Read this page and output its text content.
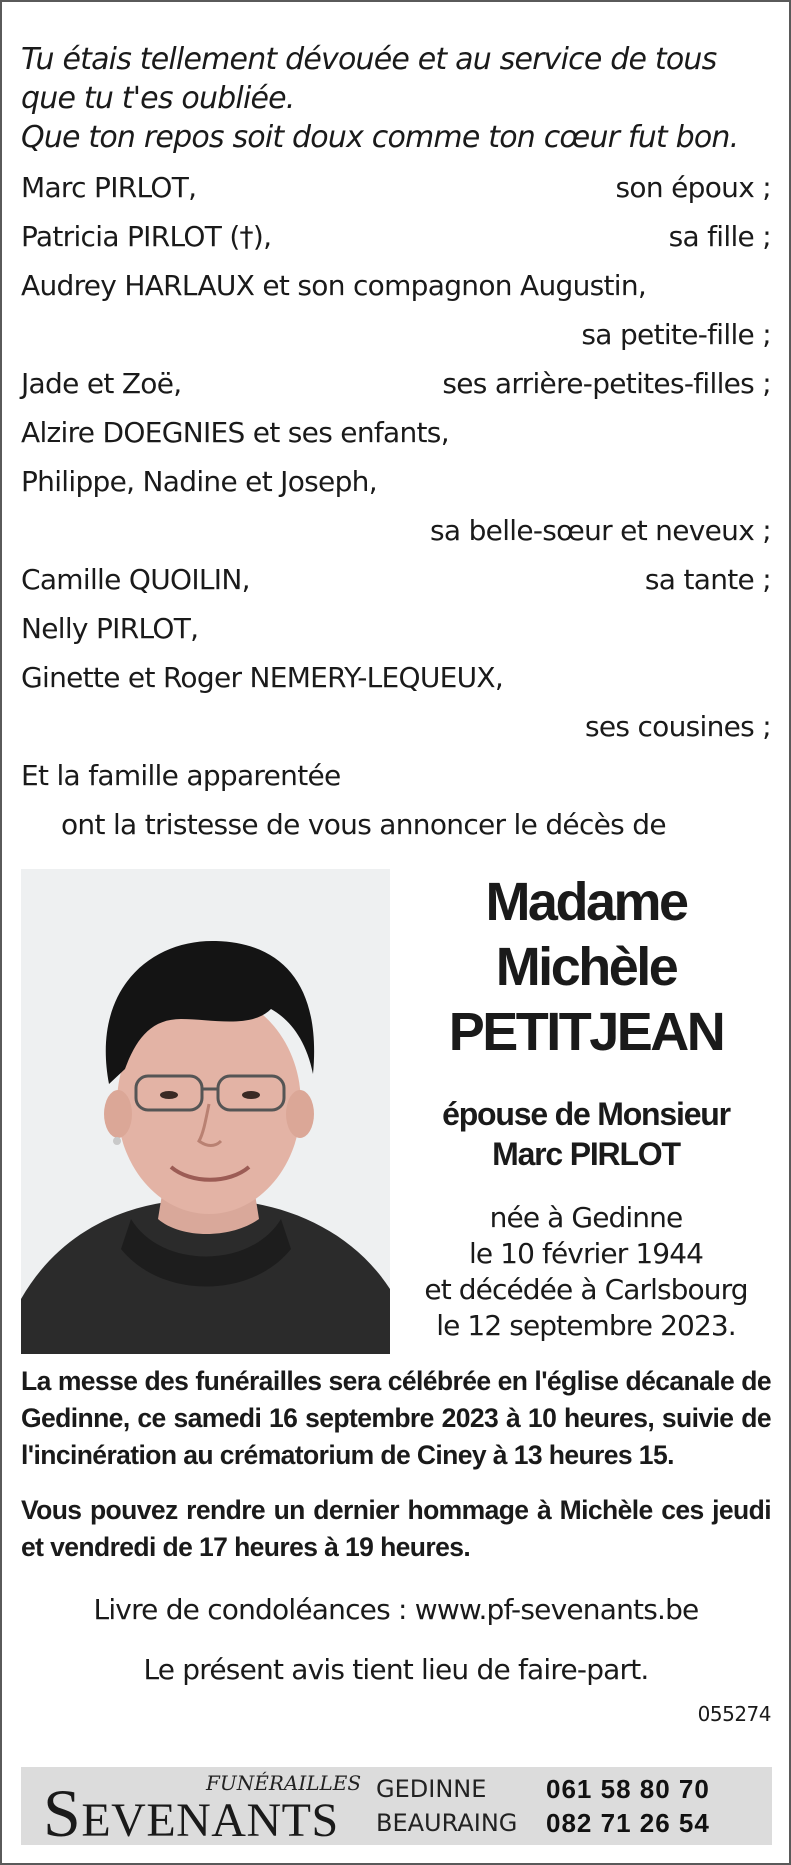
Tu étais tellement dévouée et au service de tous
que tu t'es oubliée.
Que ton repos soit doux comme ton cœur fut bon.
Marc PIRLOT,	son époux ;
Patricia PIRLOT (†),	sa fille ;
Audrey HARLAUX et son compagnon Augustin,
sa petite-fille ;
Jade et Zoë,	ses arrière-petites-filles ;
Alzire DOEGNIES et ses enfants,
Philippe, Nadine et Joseph,
sa belle-sœur et neveux ;
Camille QUOILIN,	sa tante ;
Nelly PIRLOT,
Ginette et Roger NEMERY-LEQUEUX,
ses cousines ;
Et la famille apparentée
ont la tristesse de vous annoncer le décès de
Madame
Michèle
PETITJEAN
épouse de Monsieur
Marc PIRLOT
née à Gedinne
le 10 février 1944
et décédée à Carlsbourg
le 12 septembre 2023.
La messe des funérailles sera célébrée en l'église décanale de Gedinne, ce samedi 16 septembre 2023 à 10 heures, suivie de l'incinération au crématorium de Ciney à 13 heures 15.
Vous pouvez rendre un dernier hommage à Michèle ces jeudi et vendredi de 17 heures à 19 heures.
Livre de condoléances : www.pf-sevenants.be
Le présent avis tient lieu de faire-part.
055274
FUNÉRAILLES
SEVENANTS
GEDINNE	061 58 80 70
BEAURAING	082 71 26 54
